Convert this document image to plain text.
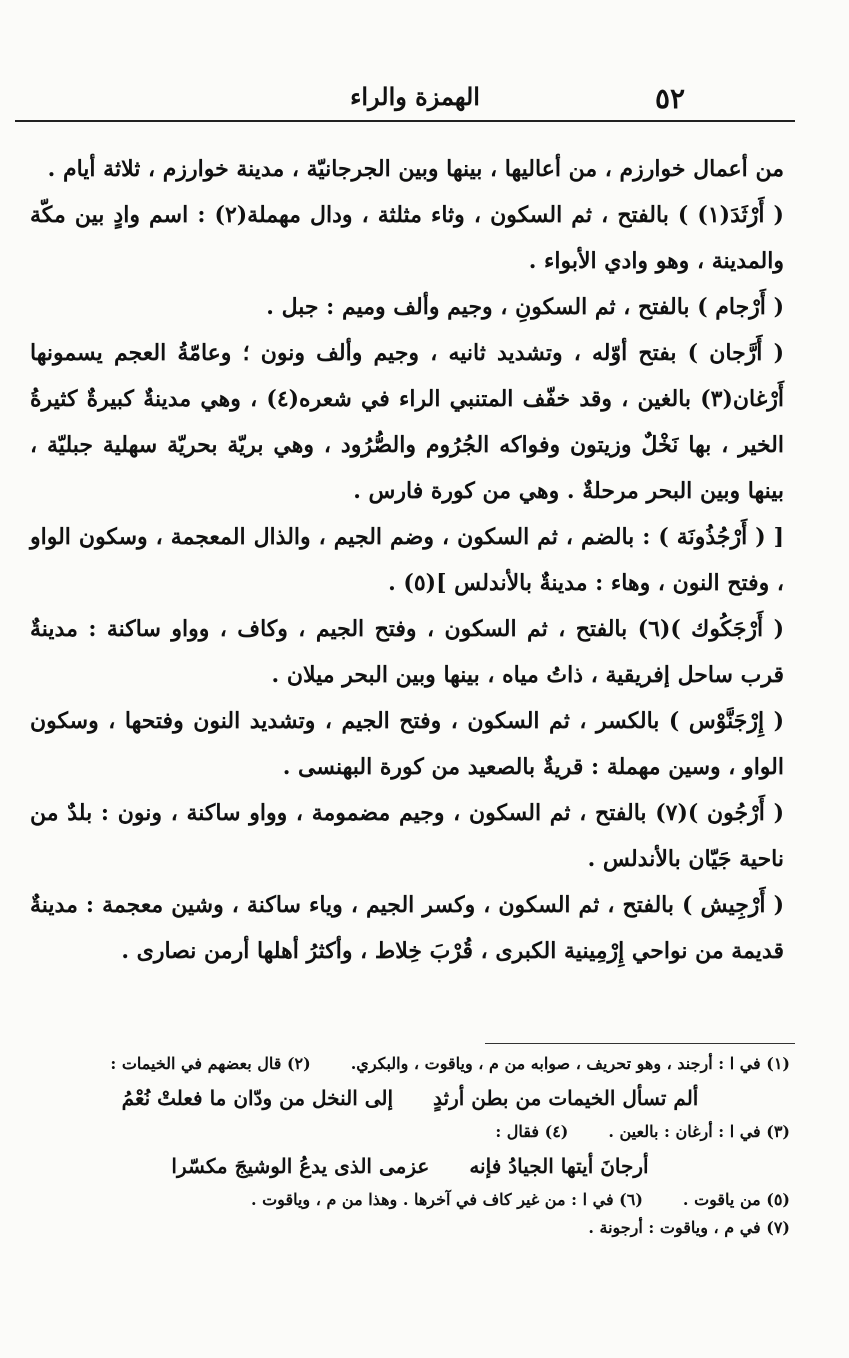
٥٢
الهمزة والراء

من أعمال خوارزم ، من أعاليها ، بينها وبين الجرجانيّة ، مدينة خوارزم ، ثلاثة أيام .

( أَرْثَدَ(١) ) بالفتح ، ثم السكون ، وثاء مثلثة ، ودال مهملة(٢) : اسم وادٍ بين مكّة والمدينة ، وهو وادي الأبواء .

( أَرْجام ) بالفتح ، ثم السكونِ ، وجيم وألف وميم : جبل .

( أَرَّجان ) بفتح أوّله ، وتشديد ثانيه ، وجيم وألف ونون ؛ وعامّةُ العجم يسمونها أَرْغان(٣) بالغين ، وقد خفّف المتنبي الراء في شعره(٤) ، وهي مدينةٌ كبيرةٌ كثيرةُ الخير ، بها نَخْلٌ وزيتون وفواكه الجُرُوم والصُّرُود ، وهي بريّة بحريّة سهلية جبليّة ، بينها وبين البحر مرحلةٌ . وهي من كورة فارس .

[ ( أَرْجُذُونَة ) : بالضم ، ثم السكون ، وضم الجيم ، والذال المعجمة ، وسكون الواو ، وفتح النون ، وهاء : مدينةٌ بالأندلس ](٥) .

( أَرْجَكُوك )(٦) بالفتح ، ثم السكون ، وفتح الجيم ، وكاف ، وواو ساكنة : مدينةٌ قرب ساحل إفريقية ، ذاتُ مياه ، بينها وبين البحر ميلان .

( إِرْجَنَّوْس ) بالكسر ، ثم السكون ، وفتح الجيم ، وتشديد النون وفتحها ، وسكون الواو ، وسين مهملة : قريةٌ بالصعيد من كورة البهنسى .

( أَرْجُون )(٧) بالفتح ، ثم السكون ، وجيم مضمومة ، وواو ساكنة ، ونون : بلدٌ من ناحية جَيّان بالأندلس .

( أَرْجِيش ) بالفتح ، ثم السكون ، وكسر الجيم ، وياء ساكنة ، وشين معجمة : مدينةٌ قديمة من نواحي إِرْمِينية الكبرى ، قُرْبَ خِلاط ، وأكثرُ أهلها أرمن نصارى .

(١) في ا : أرجند ، وهو تحريف ، صوابه من م ، وياقوت ، والبكري.
(٢) قال بعضهم في الخيمات :
ألم تسأل الخيمات من بطن أرثدٍ
إلى النخل من ودّان ما فعلتْ نُعْمُ
(٣) في ا : أرغان : بالعين .
(٤) فقال :
أرجانَ أيتها الجيادُ فإنه
عزمى الذى يدعُ الوشيجَ مكسّرا
(٥) من ياقوت .
(٦) في ا : من غير كاف في آخرها . وهذا من م ، وياقوت .

(٧) في م ، وياقوت : أرجونة .
